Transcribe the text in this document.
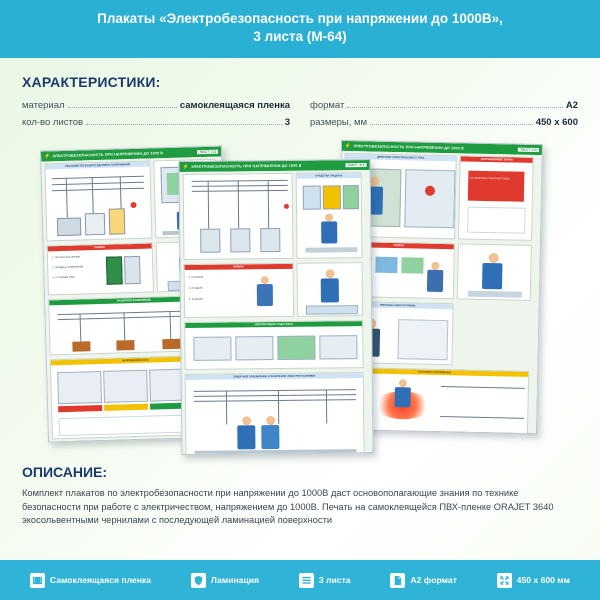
Плакаты «Электробезопасность при напряжении до 1000В»,
3 листа (М-64)
ХАРАКТЕРИСТИКИ:
материал	самоклеящаяся пленка
кол-во листов	3
формат	А2
размеры, мм	450 х 600
⚡ ЭЛЕКТРОБЕЗОПАСНОСТЬ ПРИ НАПРЯЖЕНИИ ДО 1000 В	ЛИСТ 1/3
УКАЗАНИЯ ПО ЗАЩИТЕ ЗДАНИЙ И СООРУЖЕНИЙ
ПОМНИ!
1. ОПАСНО ДЛЯ ЖИЗНИ
2. ПРОВЕРЬ ЗАЗЕМЛЕНИЕ
3. УСТАНОВИ ЗНАК
ЗАЩИТНОЕ ЗАЗЕМЛЕНИЕ
НАПРЯЖЕНИЕ ШАГА
⚡ ЭЛЕКТРОБЕЗОПАСНОСТЬ ПРИ НАПРЯЖЕНИИ ДО 1000 В	ЛИСТ 2/3
СРЕДСТВА ЗАЩИТЫ
ПОМНИ!
1. ОТКЛЮЧИ
2. ПРОВЕРЬ
3. ЗАЗЕМЛИ
ИЗОЛИРУЮЩИЕ ПОДСТАВКИ
ЗАЩИТНОЕ ЗАЗЕМЛЕНИЕ И ЗАНУЛЕНИЕ ЭЛЕКТРОУСТАНОВОК
⚡ ЭЛЕКТРОБЕЗОПАСНОСТЬ ПРИ НАПРЯЖЕНИИ ДО 1000 В	ЛИСТ 3/3
ДЕЙСТВИЕ ЭЛЕКТРИЧЕСКОГО ТОКА
ЗАПРЕЩАЮЩИЕ ЗНАКИ
НЕ ВКЛЮЧАТЬ! РАБОТАЮТ ЛЮДИ
ПОМНИ!
ПРИЧИНЫ ЭЛЕКТРОТРАВМ
ШАГОВОЕ НАПРЯЖЕНИЕ
ОПИСАНИЕ:

Комплект плакатов по электробезопасности при напряжении до 1000В даст основополагающие знания по технике безопасности при работе с электричеством, напряжением до 1000В. Печать на самоклеящейся ПВХ-пленке ORAJET 3640 экосольвентными чернилами с последующей ламинацией поверхности

Самоклеящаяся пленка	Ламинация	3 листа	A2 формат	450 x 600 мм
